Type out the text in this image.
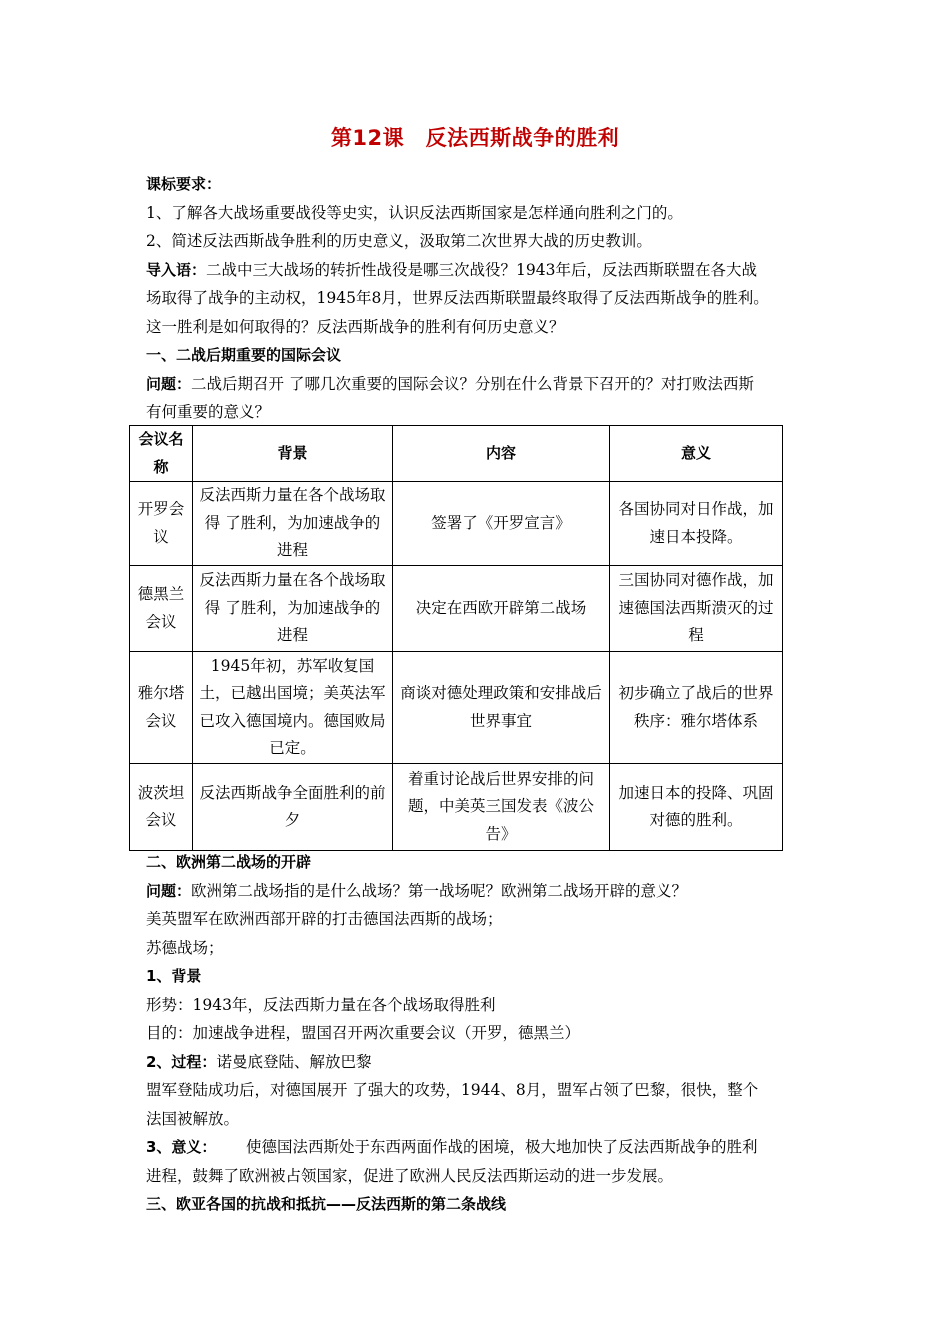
第12课　反法西斯战争的胜利

课标要求：

1、了解各大战场重要战役等史实，认识反法西斯国家是怎样通向胜利之门的。

2、简述反法西斯战争胜利的历史意义，汲取第二次世界大战的历史教训。

导入语：二战中三大战场的转折性战役是哪三次战役？1943年后，反法西斯联盟在各大战

场取得了战争的主动权，1945年8月，世界反法西斯联盟最终取得了反法西斯战争的胜利。

这一胜利是如何取得的？反法西斯战争的胜利有何历史意义？

一、二战后期重要的国际会议

问题：二战后期召开 了哪几次重要的国际会议？分别在什么背景下召开的？对打败法西斯

有何重要的意义？

会议名称	背景	内容	意义
开罗会议	反法西斯力量在各个战场取得 了胜利，为加速战争的进程	签署了《开罗宣言》	各国协同对日作战，加速日本投降。
德黑兰会议	反法西斯力量在各个战场取得 了胜利，为加速战争的进程	决定在西欧开辟第二战场	三国协同对德作战，加速德国法西斯溃灭的过程
雅尔塔会议	1945年初，苏军收复国土，已越出国境；美英法军已攻入德国境内。德国败局已定。	商谈对德处理政策和安排战后世界事宜	初步确立了战后的世界秩序：雅尔塔体系
波茨坦会议	反法西斯战争全面胜利的前夕	着重讨论战后世界安排的问题，中美英三国发表《波公告》	加速日本的投降、巩固对德的胜利。

二、欧洲第二战场的开辟

问题：欧洲第二战场指的是什么战场？第一战场呢？欧洲第二战场开辟的意义？

美英盟军在欧洲西部开辟的打击德国法西斯的战场；

苏德战场；

1、背景

形势：1943年，反法西斯力量在各个战场取得胜利

目的：加速战争进程，盟国召开两次重要会议（开罗，德黑兰）

2、过程：诺曼底登陆、解放巴黎

盟军登陆成功后，对德国展开 了强大的攻势，1944、8月，盟军占领了巴黎，很快，整个

法国被解放。

3、意义： 使德国法西斯处于东西两面作战的困境，极大地加快了反法西斯战争的胜利

进程，鼓舞了欧洲被占领国家，促进了欧洲人民反法西斯运动的进一步发展。

三、欧亚各国的抗战和抵抗——反法西斯的第二条战线
